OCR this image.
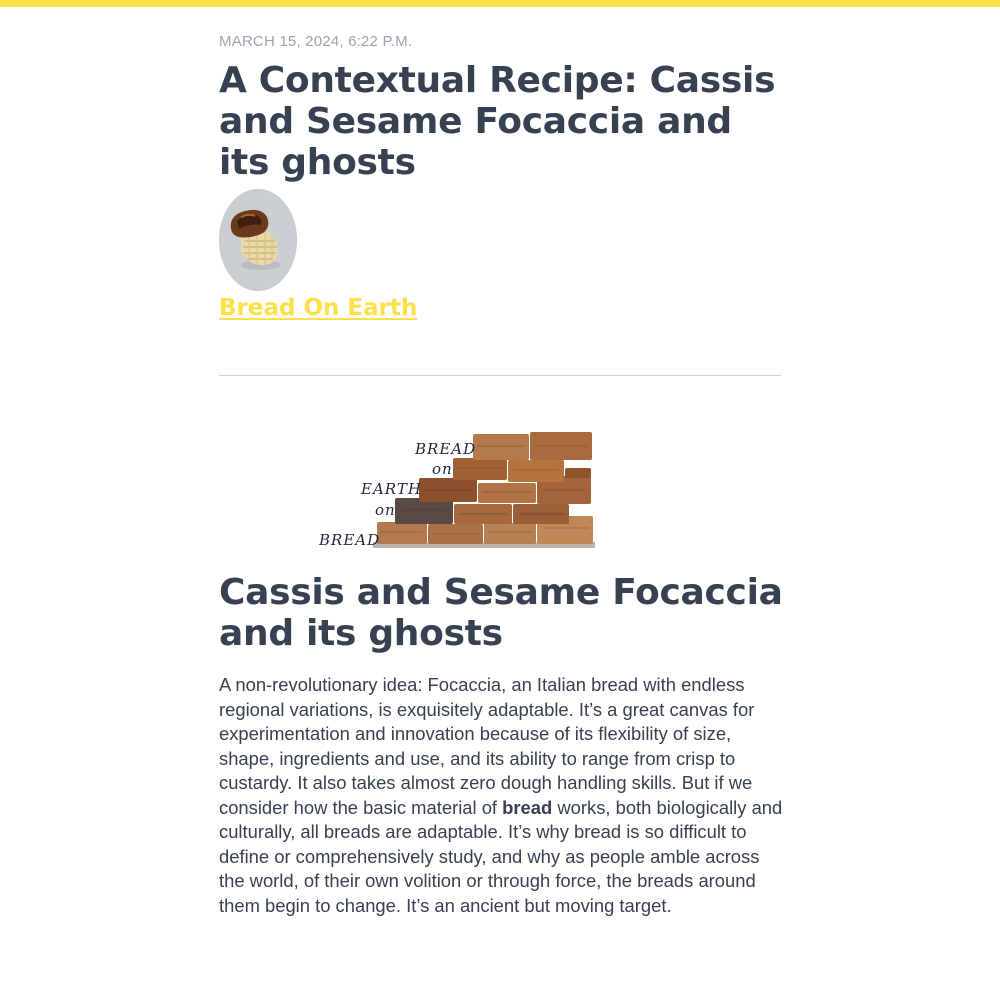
MARCH 15, 2024, 6:22 P.M.

A Contextual Recipe: Cassis and Sesame Focaccia and its ghosts
Bread On Earth
BREAD
on
EARTH
on
BREAD
Cassis and Sesame Focaccia and its ghosts

A non-revolutionary idea: Focaccia, an Italian bread with endless regional variations, is exquisitely adaptable. It’s a great canvas for experimentation and innovation because of its flexibility of size, shape, ingredients and use, and its ability to range from crisp to custardy. It also takes almost zero dough handling skills. But if we consider how the basic material of bread works, both biologically and culturally, all breads are adaptable. It’s why bread is so difficult to define or comprehensively study, and why as people amble across the world, of their own volition or through force, the breads around them begin to change. It’s an ancient but moving target.
